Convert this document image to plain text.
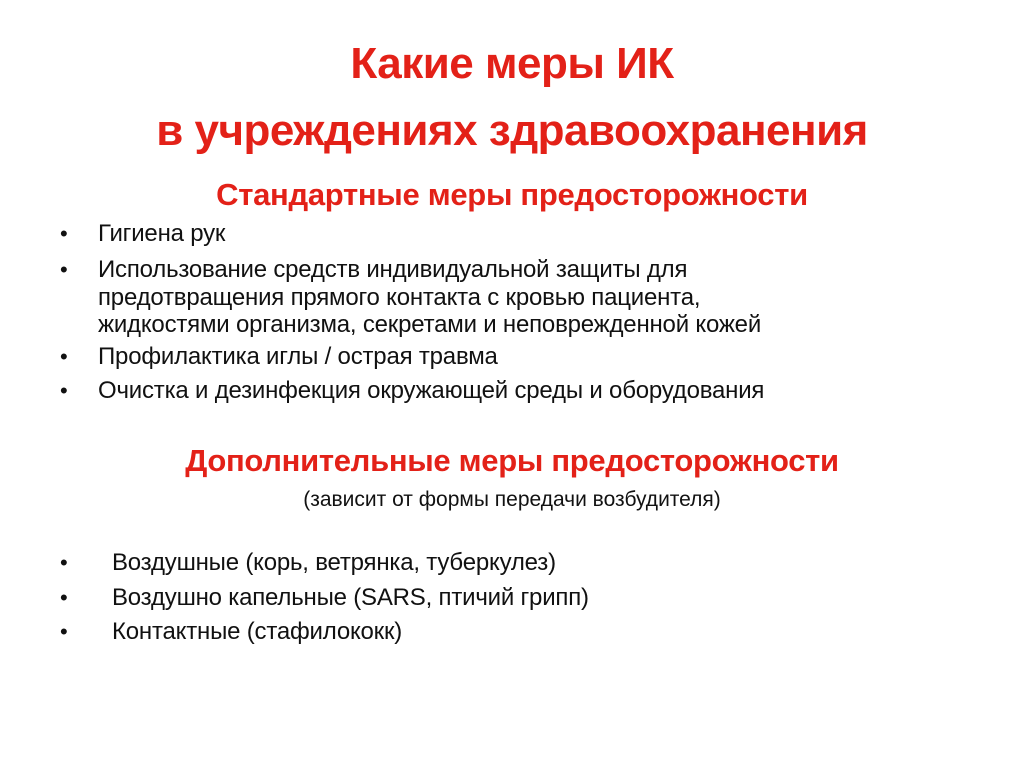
Какие меры ИК
в учреждениях здравоохранения
Стандартные меры предосторожности
• Гигиена рук
• Использование средств индивидуальной защиты для
предотвращения прямого контакта с кровью пациента,
жидкостями организма, секретами и неповрежденной кожей
• Профилактика иглы / острая травма
• Очистка и дезинфекция окружающей среды и оборудования
Дополнительные меры предосторожности
(зависит от формы передачи возбудителя)
• Воздушные (корь, ветрянка, туберкулез)
• Воздушно капельные (SARS, птичий грипп)
• Контактные (стафилококк)
